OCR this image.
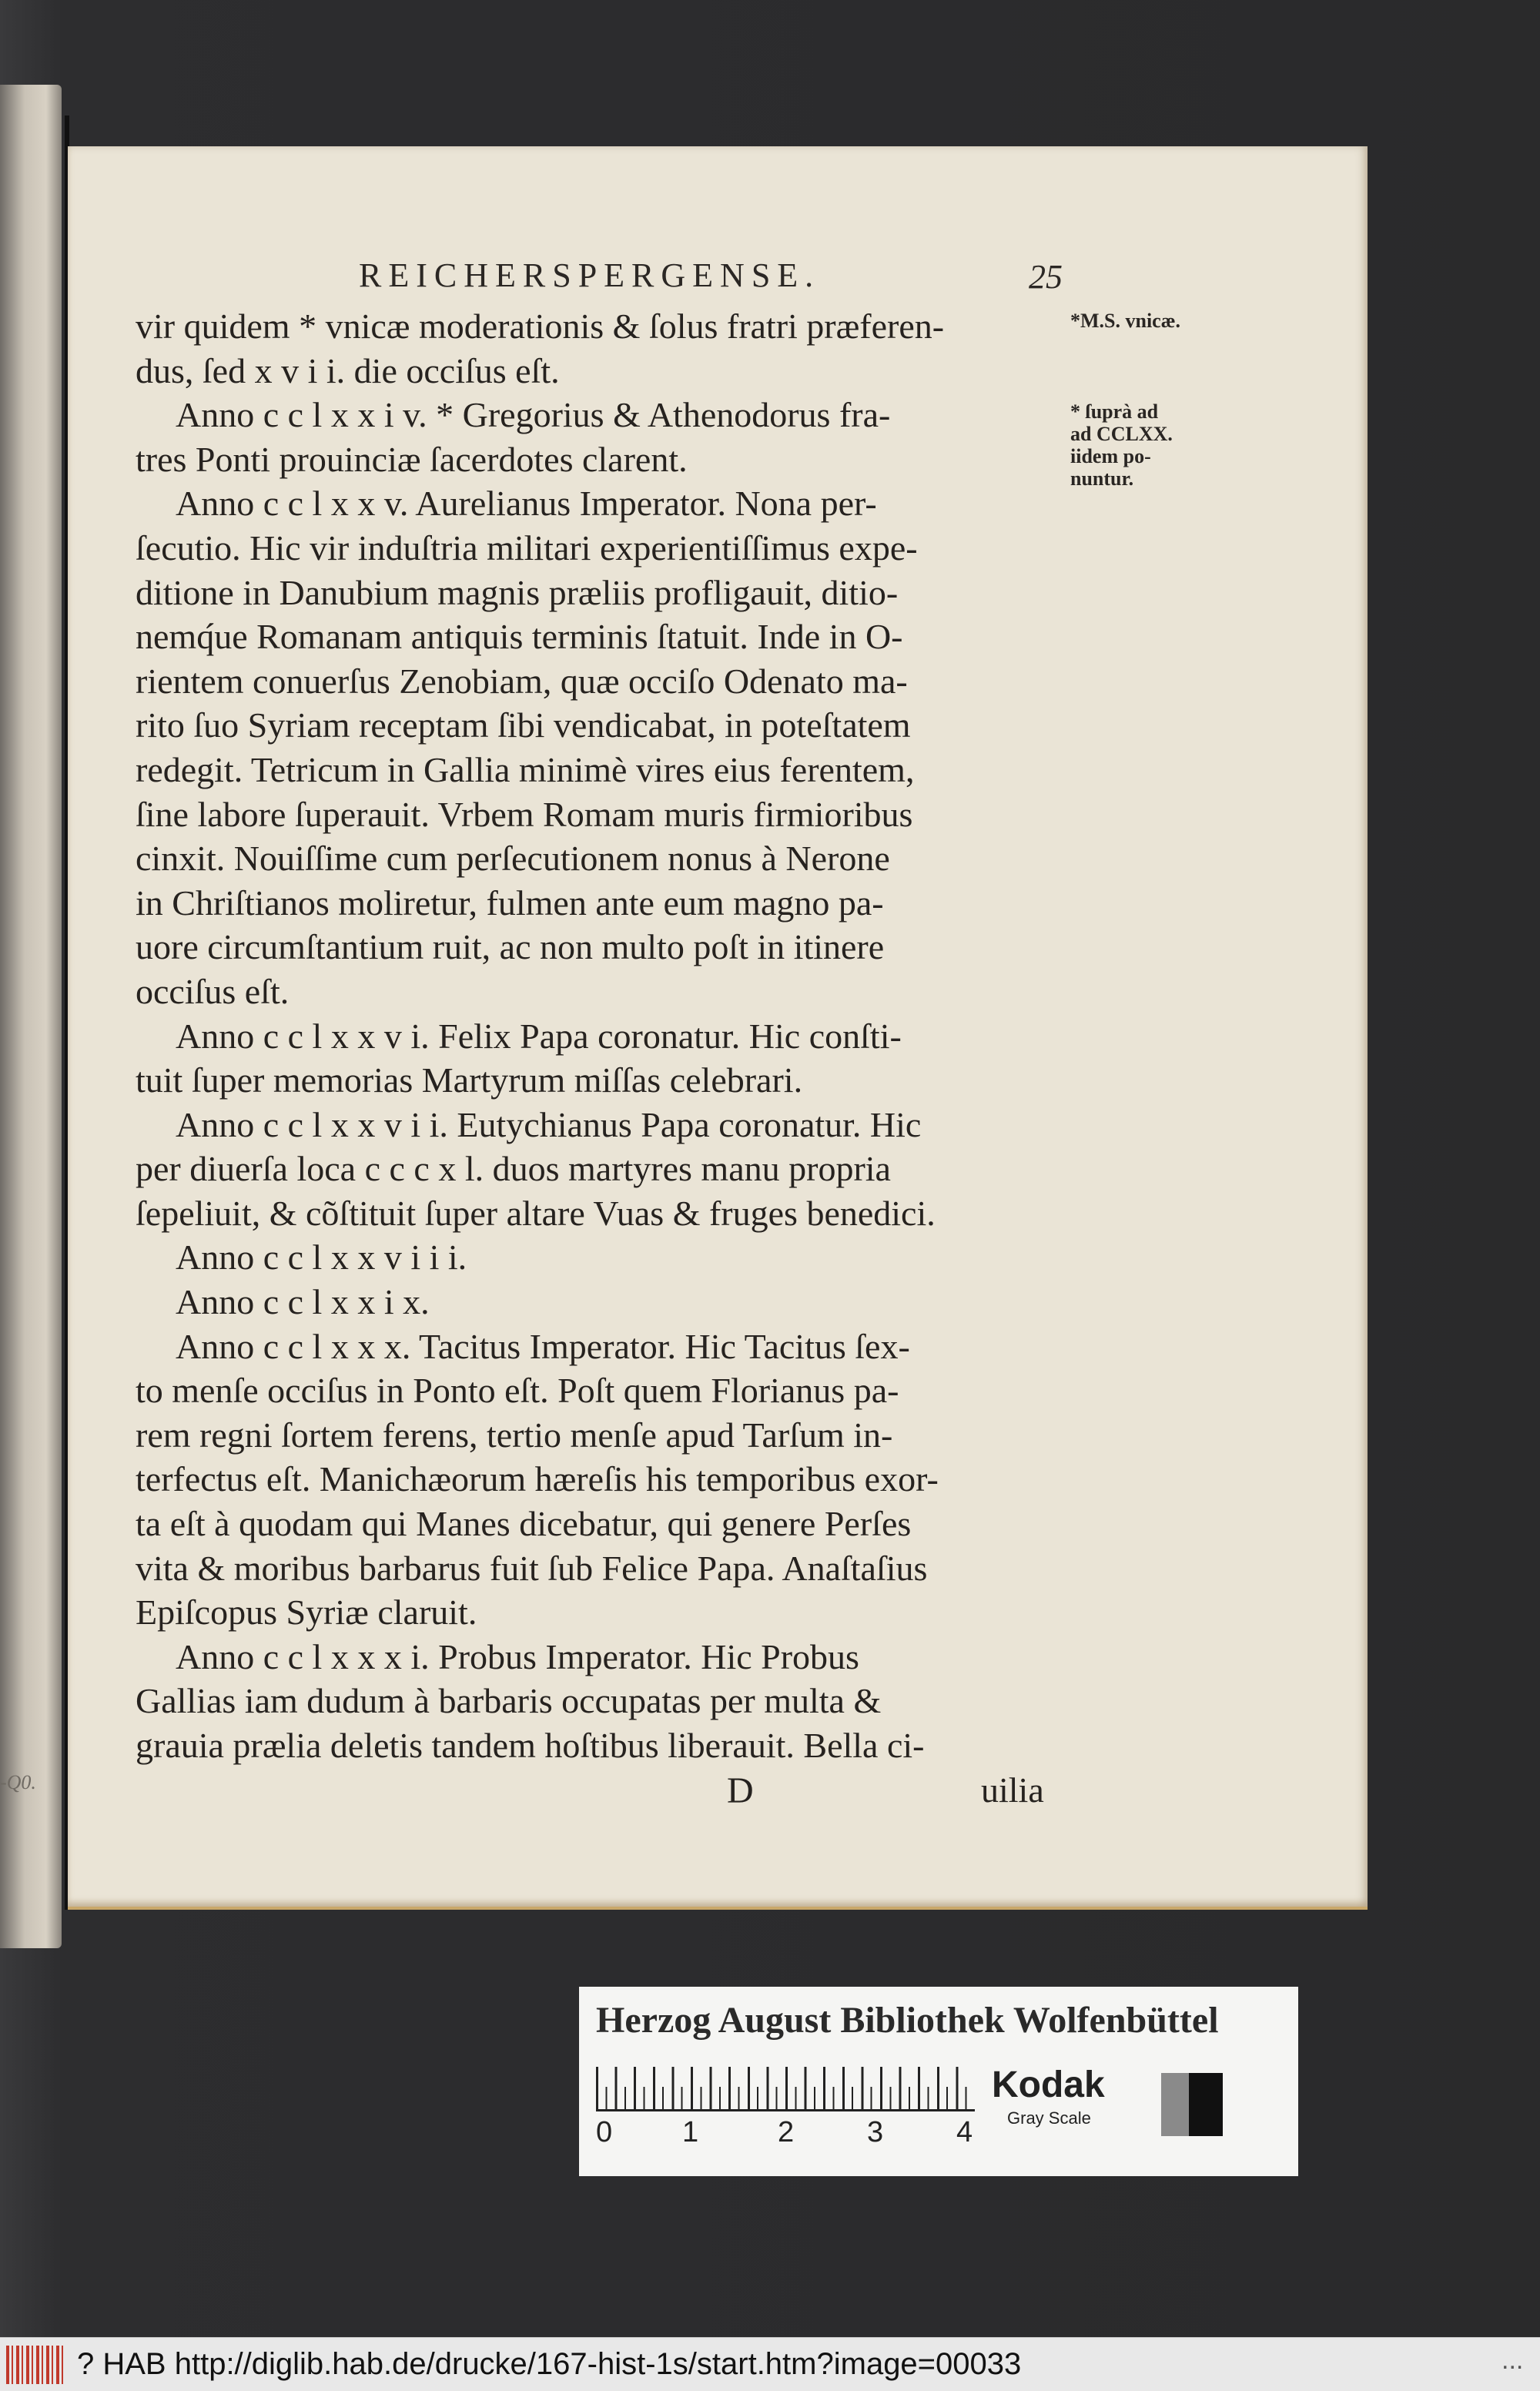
REICHERSPERGENSE.	25
vir quidem * vnicæ moderationis & ſolus fratri præferen-
dus, ſed x v i i. die occiſus eſt.
Anno c c l x x i v. * Gregorius & Athenodorus fra-
tres Ponti prouinciæ ſacerdotes clarent.
Anno c c l x x v. Aurelianus Imperator. Nona per-
ſecutio. Hic vir induſtria militari experientiſſimus expe-
ditione in Danubium magnis præliis profligauit, ditio-
nemq́ue Romanam antiquis terminis ſtatuit. Inde in O-
rientem conuerſus Zenobiam, quæ occiſo Odenato ma-
rito ſuo Syriam receptam ſibi vendicabat, in poteſtatem
redegit. Tetricum in Gallia minimè vires eius ferentem,
ſine labore ſuperauit. Vrbem Romam muris firmioribus
cinxit. Nouiſſime cum perſecutionem nonus à Nerone
in Chriſtianos moliretur, fulmen ante eum magno pa-
uore circumſtantium ruit, ac non multo poſt in itinere
occiſus eſt.
Anno c c l x x v i. Felix Papa coronatur. Hic conſti-
tuit ſuper memorias Martyrum miſſas celebrari.
Anno c c l x x v i i. Eutychianus Papa coronatur. Hic
per diuerſa loca c c c x l. duos martyres manu propria
ſepeliuit, & cõſtituit ſuper altare Vuas & fruges benedici.
Anno c c l x x v i i i.
Anno c c l x x i x.
Anno c c l x x x. Tacitus Imperator. Hic Tacitus ſex-
to menſe occiſus in Ponto eſt. Poſt quem Florianus pa-
rem regni ſortem ferens, tertio menſe apud Tarſum in-
terfectus eſt. Manichæorum hæreſis his temporibus exor-
ta eſt à quodam qui Manes dicebatur, qui genere Perſes
vita & moribus barbarus fuit ſub Felice Papa. Anaſtaſius
Epiſcopus Syriæ claruit.
Anno c c l x x x i. Probus Imperator. Hic Probus
Gallias iam dudum à barbaris occupatas per multa &
grauia prælia deletis tandem hoſtibus liberauit. Bella ci-
*M.S. vnicæ.
* ſuprà ad
ad CCLXX.
iidem po-
nuntur.
D	uilia
-Q0.
Herzog August Bibliothek Wolfenbüttel
0 1	2 3 4
Kodak
Gray Scale
? HAB http://diglib.hab.de/drucke/167-hist-1s/start.htm?image=00033	...
